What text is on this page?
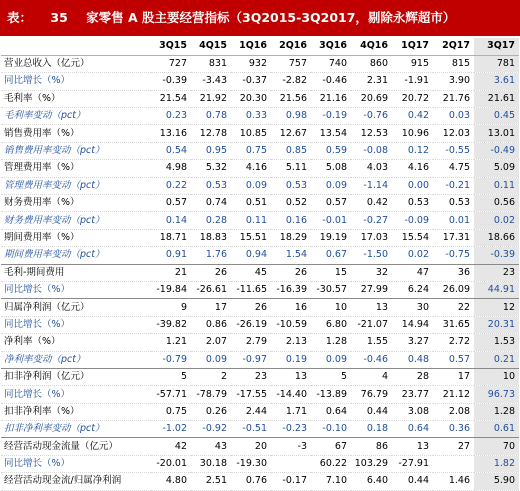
表： 35 家零售 A 股主要经营指标（3Q2015-3Q2017，剔除永辉超市）
	3Q15	4Q15	1Q16	2Q16	3Q16	4Q16	1Q17	2Q17	3Q17
营业总收入（亿元）	727	831	932	757	740	860	915	815	781
同比增长（%）	-0.39	-3.43	-0.37	-2.82	-0.46	2.31	-1.91	3.90	3.61
毛利率（%）	21.54	21.92	20.30	21.56	21.16	20.69	20.72	21.76	21.61
毛利率变动（pct）	0.23	0.78	0.33	0.98	-0.19	-0.76	0.42	0.03	0.45
销售费用率（%）	13.16	12.78	10.85	12.67	13.54	12.53	10.96	12.03	13.01
销售费用率变动（pct）	0.54	0.95	0.75	0.85	0.59	-0.08	0.12	-0.55	-0.49
管理费用率（%）	4.98	5.32	4.16	5.11	5.08	4.03	4.16	4.75	5.09
管理费用率变动（pct）	0.22	0.53	0.09	0.53	0.09	-1.14	0.00	-0.21	0.11
财务费用率（%）	0.57	0.74	0.51	0.52	0.57	0.42	0.53	0.53	0.56
财务费用率变动（pct）	0.14	0.28	0.11	0.16	-0.01	-0.27	-0.09	0.01	0.02
期间费用率（%）	18.71	18.83	15.51	18.29	19.19	17.03	15.54	17.31	18.66
期间费用率变动（pct）	0.91	1.76	0.94	1.54	0.67	-1.50	0.02	-0.75	-0.39
毛利-期间费用	21	26	45	26	15	32	47	36	23
同比增长（%）	-19.84	-26.61	-11.65	-16.39	-30.57	27.99	6.24	26.09	44.91
归属净利润（亿元）	9	17	26	16	10	13	30	22	12
同比增长（%）	-39.82	0.86	-26.19	-10.59	6.80	-21.07	14.94	31.65	20.31
净利率（%）	1.21	2.07	2.79	2.13	1.28	1.55	3.27	2.72	1.53
净利率变动（pct）	-0.79	0.09	-0.97	0.19	0.09	-0.46	0.48	0.57	0.21
扣非净利润（亿元）	5	2	23	13	5	4	28	17	10
同比增长（%）	-57.71	-78.79	-17.55	-14.40	-13.89	76.79	23.77	21.12	96.73
扣非净利率（%）	0.75	0.26	2.44	1.71	0.64	0.44	3.08	2.08	1.28
扣非净利率变动（pct）	-1.02	-0.92	-0.51	-0.23	-0.10	0.18	0.64	0.36	0.61
经营活动现金流量（亿元）	42	43	20	-3	67	86	13	27	70
同比增长（%）	-20.01	30.18	-19.30		60.22	103.29	-27.91		1.82
经营活动现金流/归属净利润	4.80	2.51	0.76	-0.17	7.10	6.40	0.44	1.46	5.90
